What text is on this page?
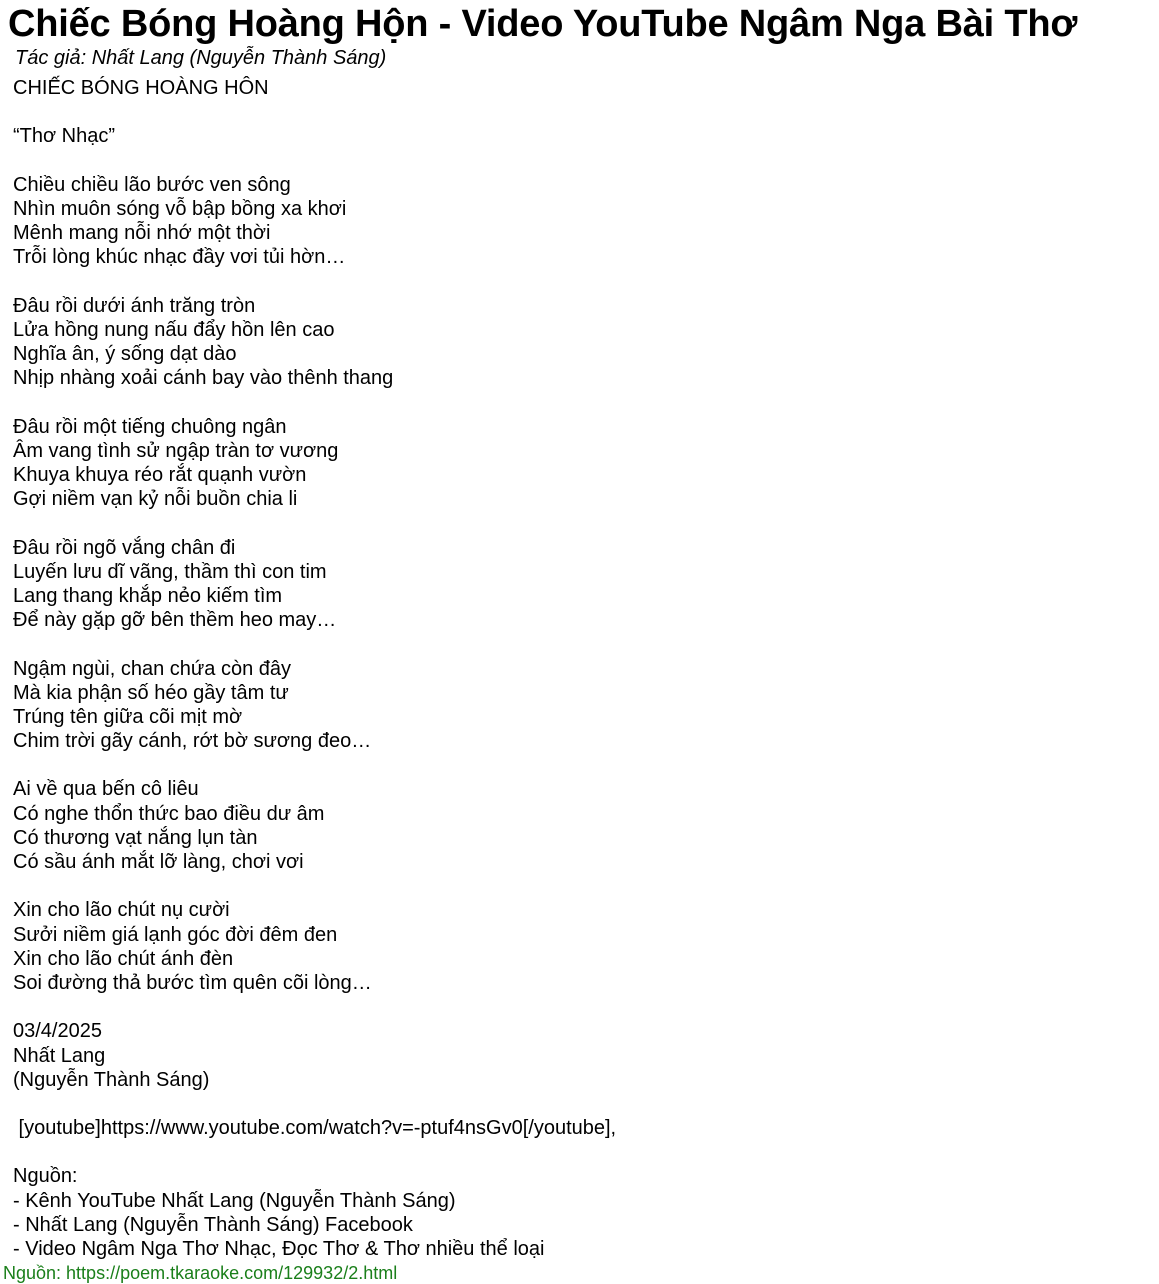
Chiếc Bóng Hoàng Hộn - Video YouTube Ngâm Nga Bài Thơ
Tác giả: Nhất Lang (Nguyễn Thành Sáng)
CHIẾC BÓNG HOÀNG HÔN
“Thơ Nhạc”
Chiều chiều lão bước ven sông
Nhìn muôn sóng vỗ bập bồng xa khơi
Mênh mang nỗi nhớ một thời
Trỗi lòng khúc nhạc đầy vơi tủi hờn…
Đâu rồi dưới ánh trăng tròn
Lửa hồng nung nấu đẩy hồn lên cao
Nghĩa ân, ý sống dạt dào
Nhịp nhàng xoải cánh bay vào thênh thang
Đâu rồi một tiếng chuông ngân
Âm vang tình sử ngập tràn tơ vương
Khuya khuya réo rắt quạnh vườn
Gợi niềm vạn kỷ nỗi buồn chia li
Đâu rồi ngõ vắng chân đi
Luyến lưu dĩ vãng, thầm thì con tim
Lang thang khắp nẻo kiếm tìm
Để này gặp gỡ bên thềm heo may…
Ngậm ngùi, chan chứa còn đây
Mà kia phận số héo gầy tâm tư
Trúng tên giữa cõi mịt mờ
Chim trời gãy cánh, rớt bờ sương đeo…
Ai về qua bến cô liêu
Có nghe thổn thức bao điều dư âm
Có thương vạt nắng lụn tàn
Có sầu ánh mắt lỡ làng, chơi vơi
Xin cho lão chút nụ cười
Sưởi niềm giá lạnh góc đời đêm đen
Xin cho lão chút ánh đèn
Soi đường thả bước tìm quên cõi lòng…
03/4/2025
Nhất Lang
(Nguyễn Thành Sáng)
[youtube]https://www.youtube.com/watch?v=-ptuf4nsGv0[/youtube],
Nguồn:
- Kênh YouTube Nhất Lang (Nguyễn Thành Sáng)
- Nhất Lang (Nguyễn Thành Sáng) Facebook
- Video Ngâm Nga Thơ Nhạc, Đọc Thơ & Thơ nhiều thể loại
Nguồn: https://poem.tkaraoke.com/129932/2.html
